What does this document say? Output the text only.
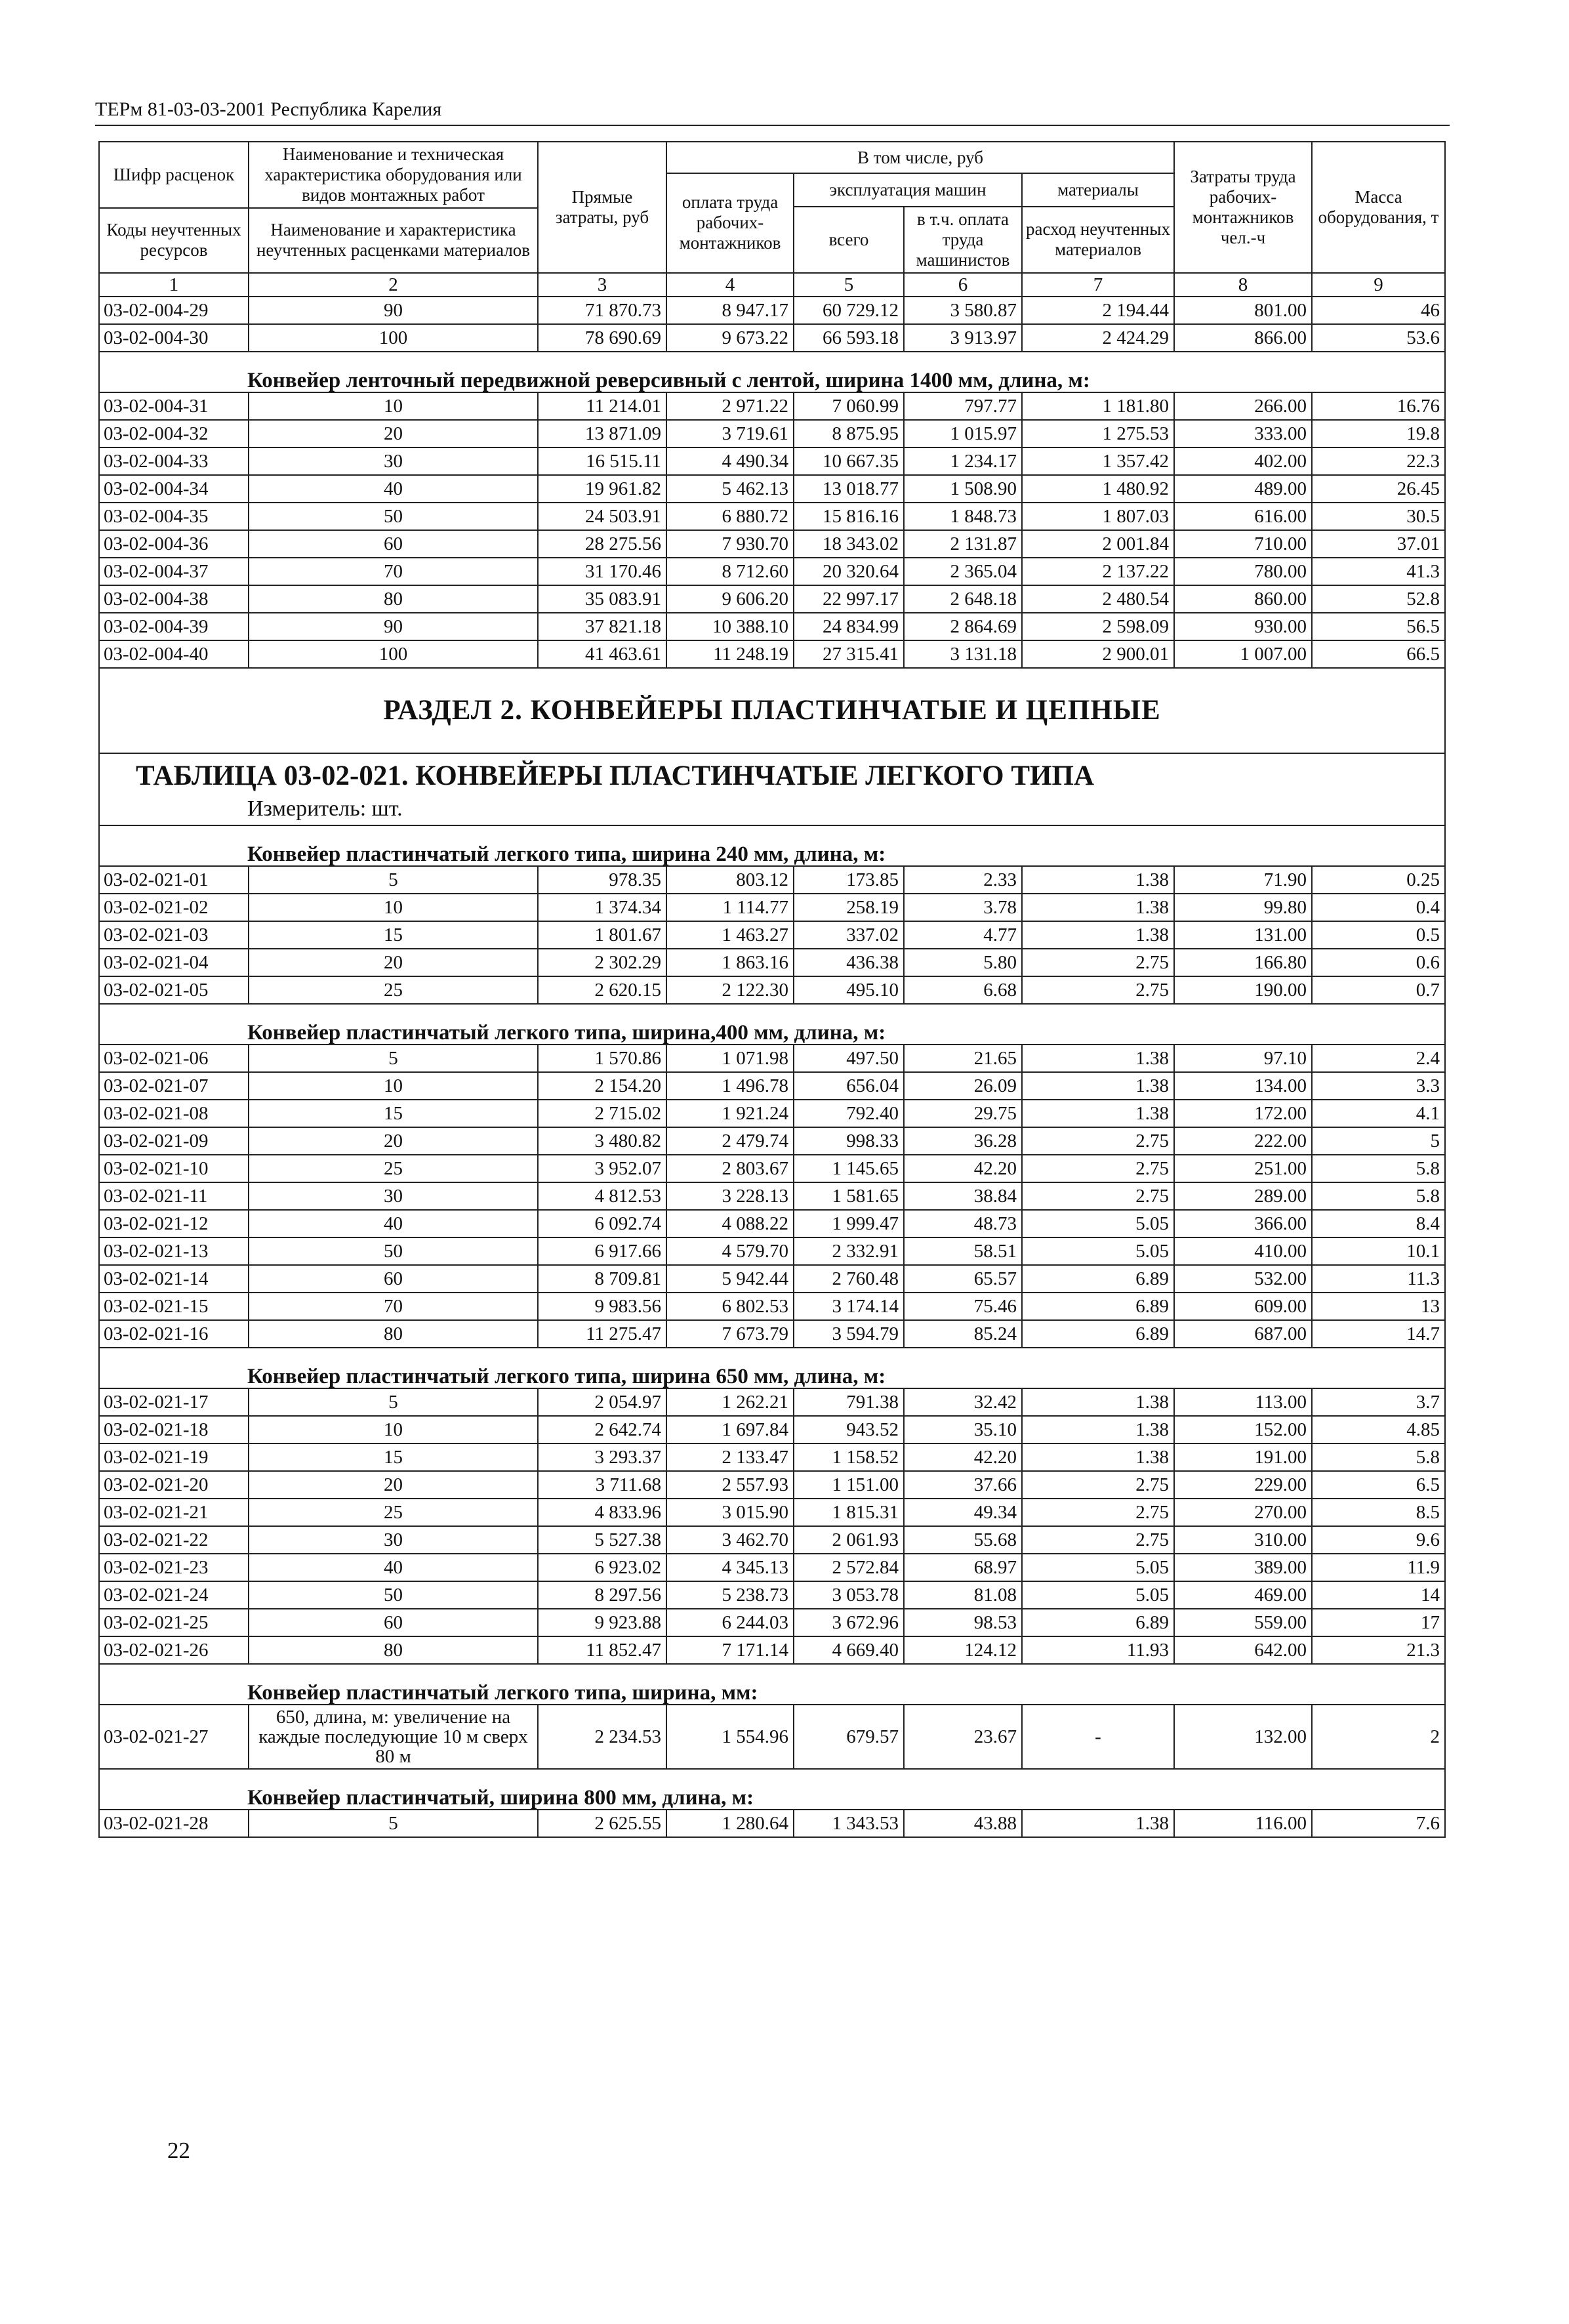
ТЕРм 81-03-03-2001 Республика Карелия
Шифр расценок	Наименование и техническая характеристика оборудования или видов монтажных работ	Прямые затраты, руб	В том числе, руб				Затраты труда рабочих-монтажников чел.-ч	Масса оборудования, т
			оплата труда рабочих-монтажников	эксплуатация машин		материалы		
				всего	в т.ч. оплата труда машинистов	расход неучтенных материалов		
Коды неучтенных ресурсов	Наименование и характеристика неучтенных расценками материалов							

1	2	3	4	5	6	7	8	9
03-02-004-29	90	71 870.73	8 947.17	60 729.12	3 580.87	2 194.44	801.00	46
03-02-004-30	100	78 690.69	9 673.22	66 593.18	3 913.97	2 424.29	866.00	53.6
Конвейер ленточный передвижной реверсивный с лентой, ширина 1400 мм, длина, м:								
03-02-004-31	10	11 214.01	2 971.22	7 060.99	797.77	1 181.80	266.00	16.76
03-02-004-32	20	13 871.09	3 719.61	8 875.95	1 015.97	1 275.53	333.00	19.8
03-02-004-33	30	16 515.11	4 490.34	10 667.35	1 234.17	1 357.42	402.00	22.3
03-02-004-34	40	19 961.82	5 462.13	13 018.77	1 508.90	1 480.92	489.00	26.45
03-02-004-35	50	24 503.91	6 880.72	15 816.16	1 848.73	1 807.03	616.00	30.5
03-02-004-36	60	28 275.56	7 930.70	18 343.02	2 131.87	2 001.84	710.00	37.01
03-02-004-37	70	31 170.46	8 712.60	20 320.64	2 365.04	2 137.22	780.00	41.3
03-02-004-38	80	35 083.91	9 606.20	22 997.17	2 648.18	2 480.54	860.00	52.8
03-02-004-39	90	37 821.18	10 388.10	24 834.99	2 864.69	2 598.09	930.00	56.5
03-02-004-40	100	41 463.61	11 248.19	27 315.41	3 131.18	2 900.01	1 007.00	66.5
РАЗДЕЛ 2. КОНВЕЙЕРЫ ПЛАСТИНЧАТЫЕ И ЦЕПНЫЕ								
ТАБЛИЦА 03-02-021. КОНВЕЙЕРЫ ПЛАСТИНЧАТЫЕ ЛЕГКОГО ТИПА								
Измеритель: шт.								
Конвейер пластинчатый легкого типа, ширина 240 мм, длина, м:								
03-02-021-01	5	978.35	803.12	173.85	2.33	1.38	71.90	0.25
03-02-021-02	10	1 374.34	1 114.77	258.19	3.78	1.38	99.80	0.4
03-02-021-03	15	1 801.67	1 463.27	337.02	4.77	1.38	131.00	0.5
03-02-021-04	20	2 302.29	1 863.16	436.38	5.80	2.75	166.80	0.6
03-02-021-05	25	2 620.15	2 122.30	495.10	6.68	2.75	190.00	0.7
Конвейер пластинчатый легкого типа, ширина,400 мм, длина, м:								
03-02-021-06	5	1 570.86	1 071.98	497.50	21.65	1.38	97.10	2.4
03-02-021-07	10	2 154.20	1 496.78	656.04	26.09	1.38	134.00	3.3
03-02-021-08	15	2 715.02	1 921.24	792.40	29.75	1.38	172.00	4.1
03-02-021-09	20	3 480.82	2 479.74	998.33	36.28	2.75	222.00	5
03-02-021-10	25	3 952.07	2 803.67	1 145.65	42.20	2.75	251.00	5.8
03-02-021-11	30	4 812.53	3 228.13	1 581.65	38.84	2.75	289.00	5.8
03-02-021-12	40	6 092.74	4 088.22	1 999.47	48.73	5.05	366.00	8.4
03-02-021-13	50	6 917.66	4 579.70	2 332.91	58.51	5.05	410.00	10.1
03-02-021-14	60	8 709.81	5 942.44	2 760.48	65.57	6.89	532.00	11.3
03-02-021-15	70	9 983.56	6 802.53	3 174.14	75.46	6.89	609.00	13
03-02-021-16	80	11 275.47	7 673.79	3 594.79	85.24	6.89	687.00	14.7
Конвейер пластинчатый легкого типа, ширина 650 мм, длина, м:								
03-02-021-17	5	2 054.97	1 262.21	791.38	32.42	1.38	113.00	3.7
03-02-021-18	10	2 642.74	1 697.84	943.52	35.10	1.38	152.00	4.85
03-02-021-19	15	3 293.37	2 133.47	1 158.52	42.20	1.38	191.00	5.8
03-02-021-20	20	3 711.68	2 557.93	1 151.00	37.66	2.75	229.00	6.5
03-02-021-21	25	4 833.96	3 015.90	1 815.31	49.34	2.75	270.00	8.5
03-02-021-22	30	5 527.38	3 462.70	2 061.93	55.68	2.75	310.00	9.6
03-02-021-23	40	6 923.02	4 345.13	2 572.84	68.97	5.05	389.00	11.9
03-02-021-24	50	8 297.56	5 238.73	3 053.78	81.08	5.05	469.00	14
03-02-021-25	60	9 923.88	6 244.03	3 672.96	98.53	6.89	559.00	17
03-02-021-26	80	11 852.47	7 171.14	4 669.40	124.12	11.93	642.00	21.3
Конвейер пластинчатый легкого типа, ширина, мм:								
03-02-021-27	650, длина, м: увеличение на каждые последующие 10 м сверх 80 м	2 234.53	1 554.96	679.57	23.67	-	132.00	2
Конвейер пластинчатый, ширина 800 мм, длина, м:								
03-02-021-28	5	2 625.55	1 280.64	1 343.53	43.88	1.38	116.00	7.6
22
